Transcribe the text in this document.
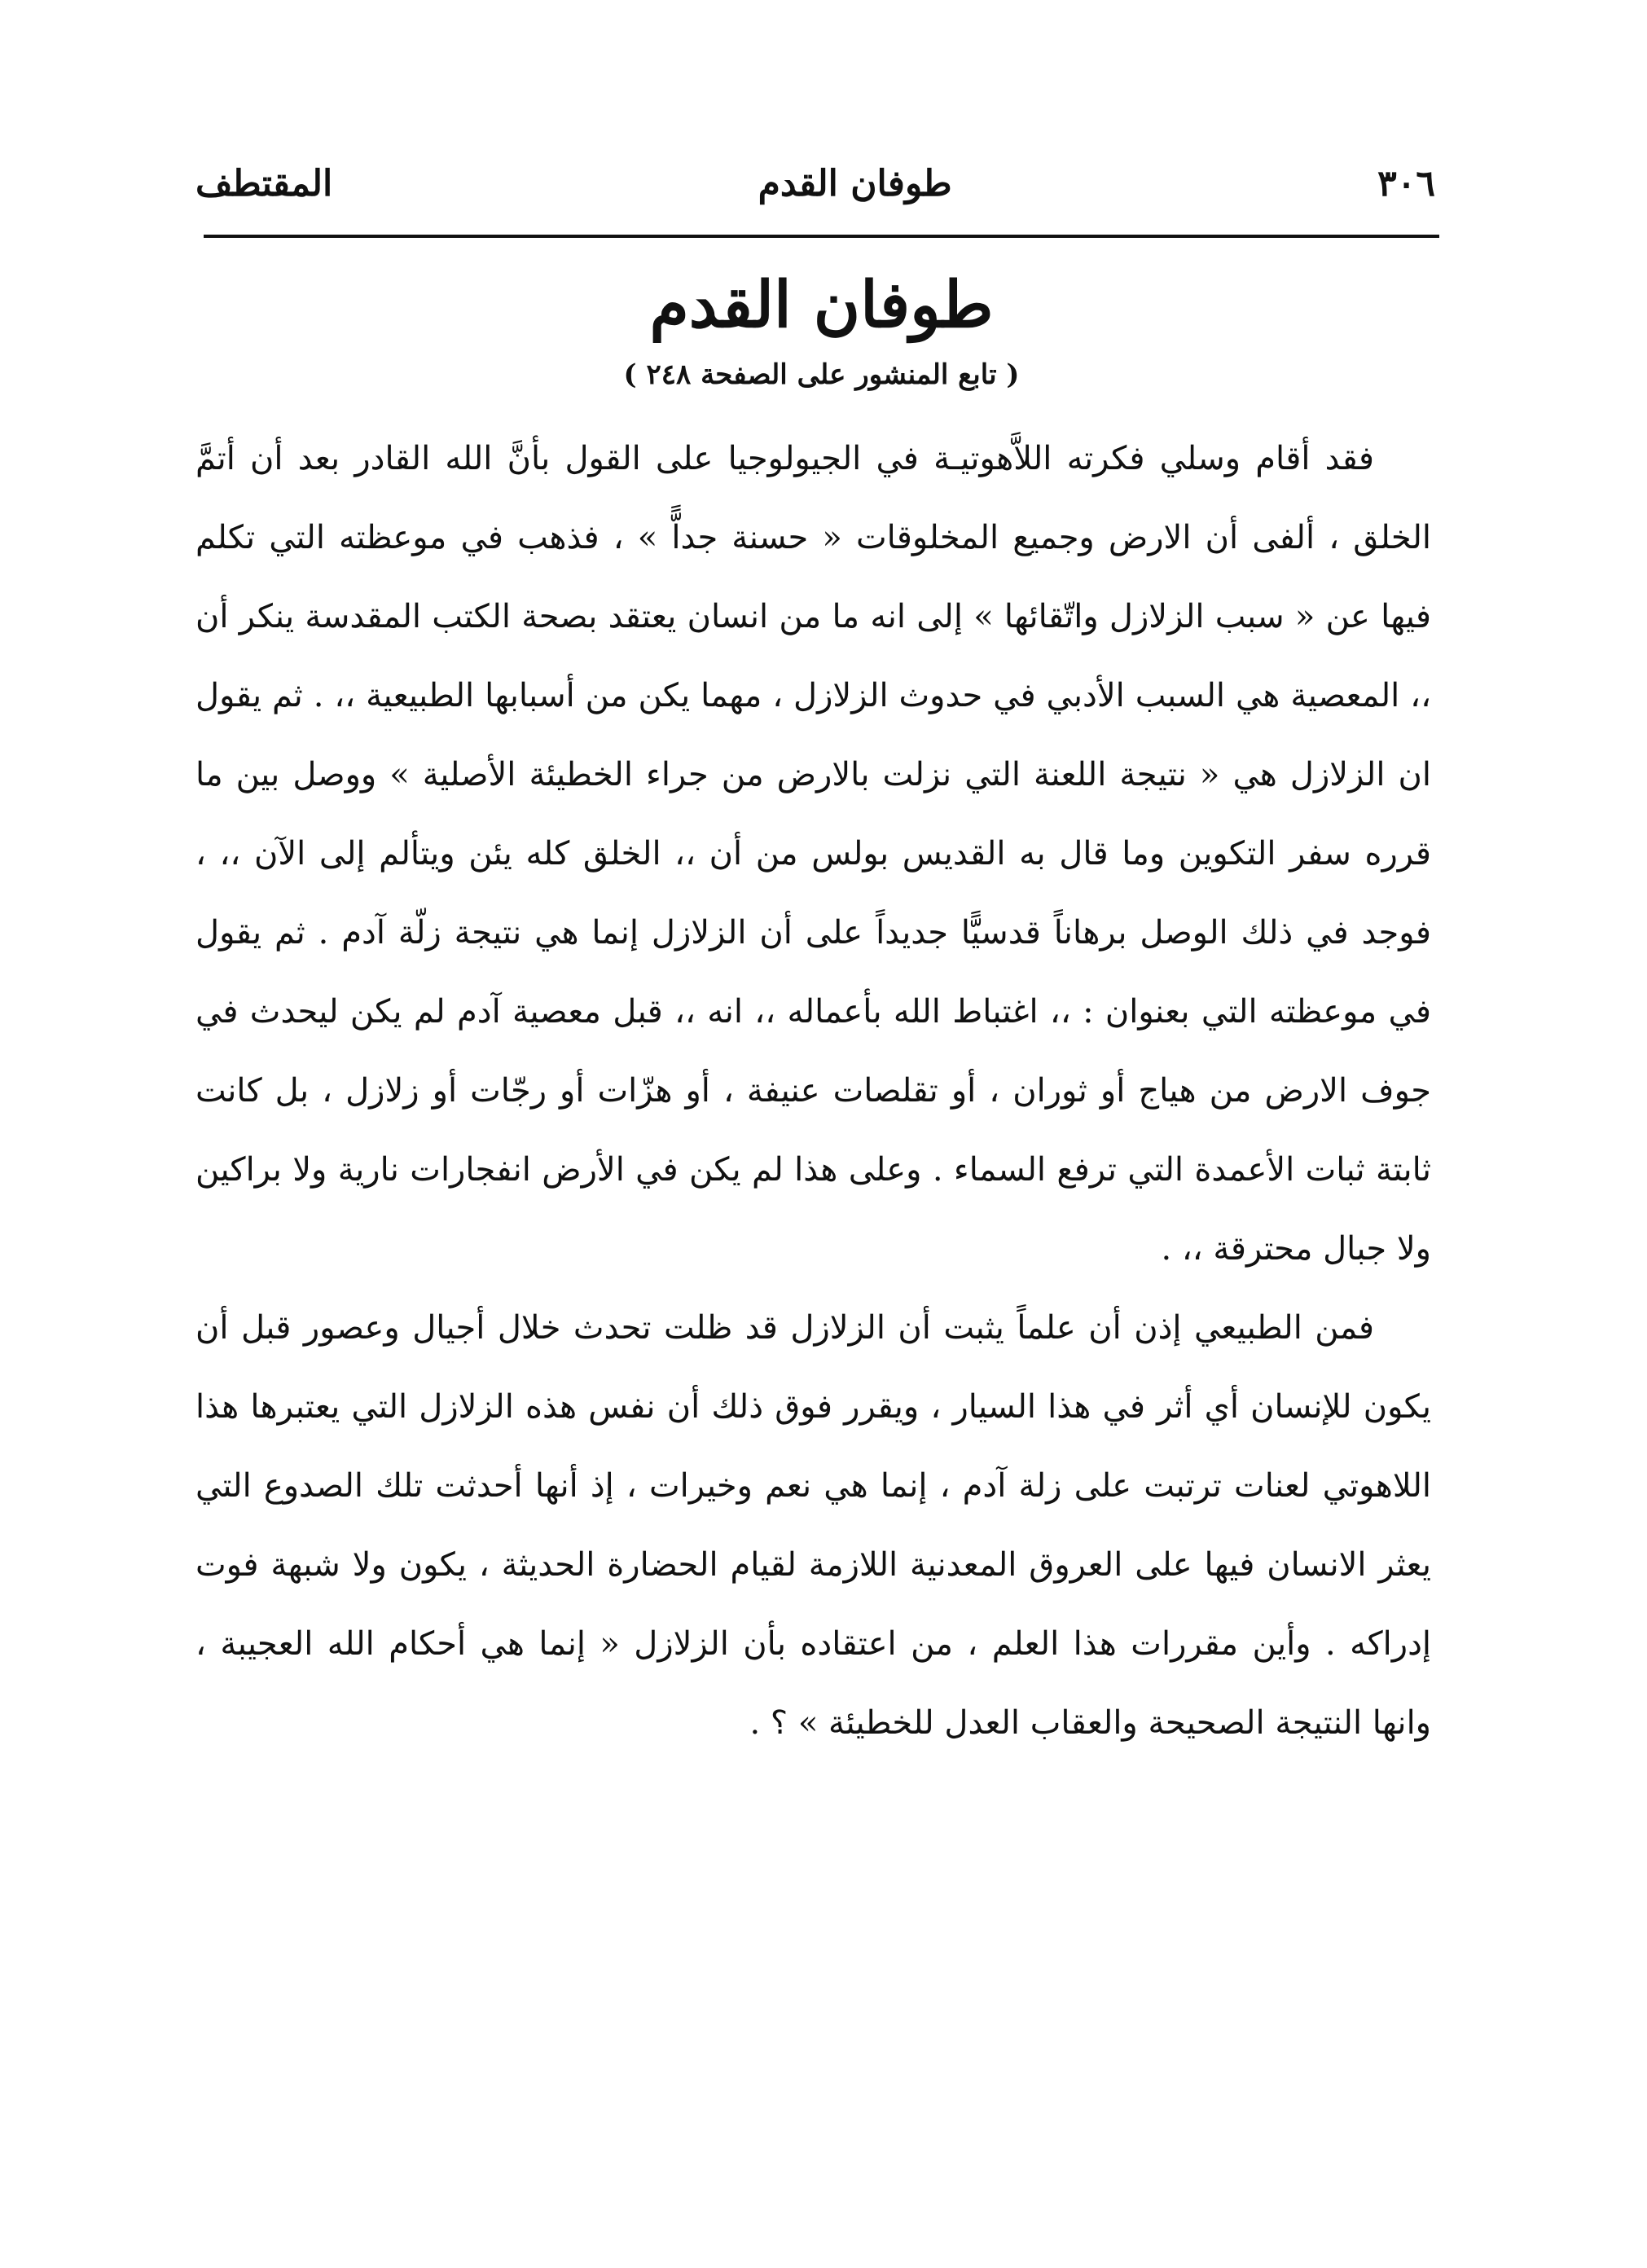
٣٠٦
طوفان القدم
المقتطف
طوفان القدم
( تابع المنشور على الصفحة ٢٤٨ )

فقد أقام وسلي فكرته اللاَّهوتيـة في الجيولوجيا على القول بأنَّ الله القادر بعد أن أتمَّ الخلق ، ألفى أن الارض وجميع المخلوقات « حسنة جداًّ » ، فذهب في موعظته التي تكلم فيها عن « سبب الزلازل واتّقائها » إلى انه ما من انسان يعتقد بصحة الكتب المقدسة ينكر أن ،، المعصية هي السبب الأدبي في حدوث الزلازل ، مهما يكن من أسبابها الطبيعية ،، . ثم يقول ان الزلازل هي « نتيجة اللعنة التي نزلت بالارض من جراء الخطيئة الأصلية » ووصل بين ما قرره سفر التكوين وما قال به القديس بولس من أن ،، الخلق كله يئن ويتألم إلى الآن ،، ، فوجد في ذلك الوصل برهاناً قدسيًّا جديداً على أن الزلازل إنما هي نتيجة زلّة آدم . ثم يقول في موعظته التي بعنوان : ،، اغتباط الله بأعماله ،، انه ،، قبل معصية آدم لم يكن ليحدث في جوف الارض من هياج أو ثوران ، أو تقلصات عنيفة ، أو هزّات أو رجّات أو زلازل ، بل كانت ثابتة ثبات الأعمدة التي ترفع السماء . وعلى هذا لم يكن في الأرض انفجارات نارية ولا براكين ولا جبال محترقة ،، .

فمن الطبيعي إذن أن علماً يثبت أن الزلازل قد ظلت تحدث خلال أجيال وعصور قبل أن يكون للإنسان أي أثر في هذا السيار ، ويقرر فوق ذلك أن نفس هذه الزلازل التي يعتبرها هذا اللاهوتي لعنات ترتبت على زلة آدم ، إنما هي نعم وخيرات ، إذ أنها أحدثت تلك الصدوع التي يعثر الانسان فيها على العروق المعدنية اللازمة لقيام الحضارة الحديثة ، يكون ولا شبهة فوت إدراكه . وأين مقررات هذا العلم ، من اعتقاده بأن الزلازل « إنما هي أحكام الله العجيبة ، وانها النتيجة الصحيحة والعقاب العدل للخطيئة » ؟ .
